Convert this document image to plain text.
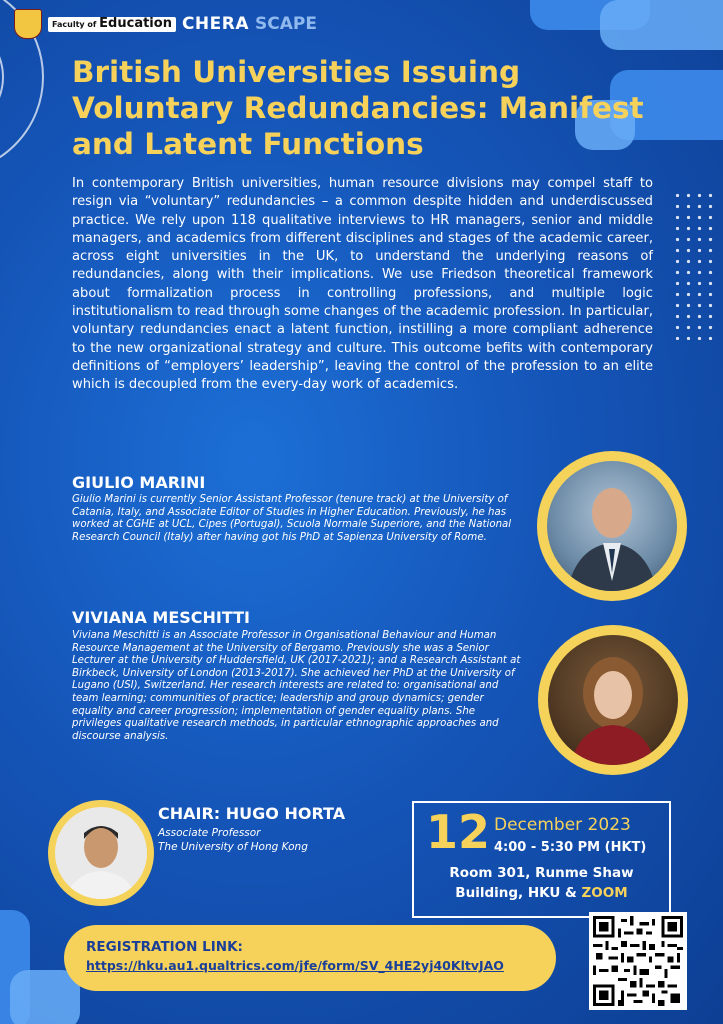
Faculty of Education CHERA SCAPE
British Universities Issuing Voluntary Redundancies: Manifest and Latent Functions

In contemporary British universities, human resource divisions may compel staff to resign via “voluntary” redundancies – a common despite hidden and underdiscussed practice. We rely upon 118 qualitative interviews to HR managers, senior and middle managers, and academics from different disciplines and stages of the academic career, across eight universities in the UK, to understand the underlying reasons of redundancies, along with their implications. We use Friedson theoretical framework about formalization process in controlling professions, and multiple logic institutionalism to read through some changes of the academic profession. In particular, voluntary redundancies enact a latent function, instilling a more compliant adherence to the new organizational strategy and culture. This outcome befits with contemporary definitions of “employers’ leadership”, leaving the control of the profession to an elite which is decoupled from the every-day work of academics.

GIULIO MARINI

Giulio Marini is currently Senior Assistant Professor (tenure track) at the University of Catania, Italy, and Associate Editor of Studies in Higher Education. Previously, he has worked at CGHE at UCL, Cipes (Portugal), Scuola Normale Superiore, and the National Research Council (Italy) after having got his PhD at Sapienza University of Rome.

VIVIANA MESCHITTI

Viviana Meschitti is an Associate Professor in Organisational Behaviour and Human Resource Management at the University of Bergamo. Previously she was a Senior Lecturer at the University of Huddersfield, UK (2017-2021); and a Research Assistant at Birkbeck, University of London (2013-2017). She achieved her PhD at the University of Lugano (USI), Switzerland. Her research interests are related to: organisational and team learning; communities of practice; leadership and group dynamics; gender equality and career progression; implementation of gender equality plans. She privileges qualitative research methods, in particular ethnographic approaches and discourse analysis.

CHAIR: HUGO HORTA

Associate Professor

The University of Hong Kong	12 December 2023
4:00 - 5:30 PM (HKT)
Room 301, Runme Shaw
Building, HKU & ZOOM
REGISTRATION LINK:
https://hku.au1.qualtrics.com/jfe/form/SV_4HE2yj40KltvJAO
